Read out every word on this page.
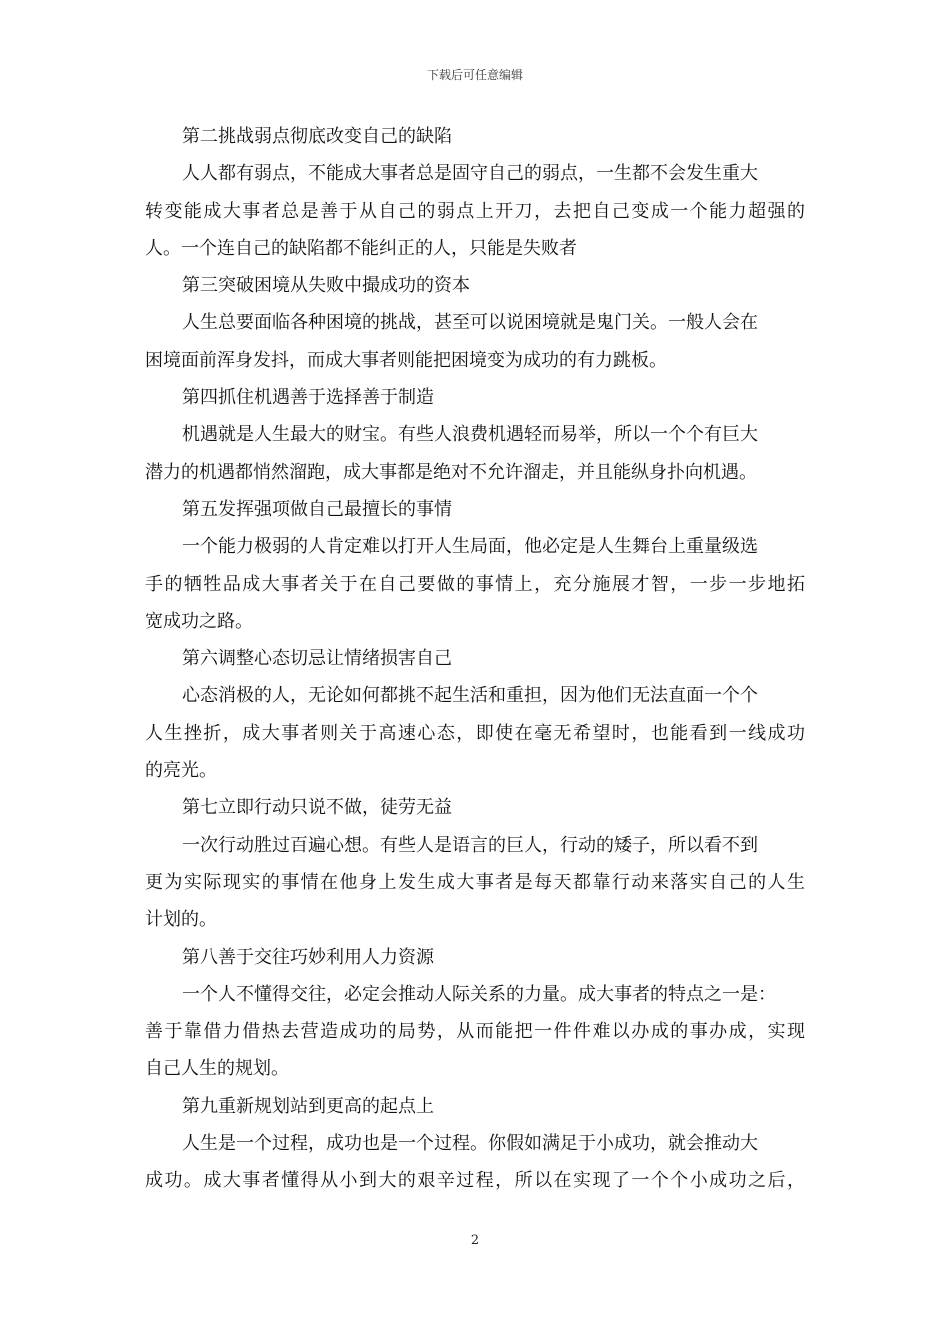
下载后可任意编辑
第二挑战弱点彻底改变自己的缺陷
人人都有弱点，不能成大事者总是固守自己的弱点，一生都不会发生重大
转变能成大事者总是善于从自己的弱点上开刀，去把自己变成一个能力超强的
人。一个连自己的缺陷都不能纠正的人，只能是失败者
第三突破困境从失败中撮成功的资本
人生总要面临各种困境的挑战，甚至可以说困境就是鬼门关。一般人会在
困境面前浑身发抖，而成大事者则能把困境变为成功的有力跳板。
第四抓住机遇善于选择善于制造
机遇就是人生最大的财宝。有些人浪费机遇轻而易举，所以一个个有巨大
潜力的机遇都悄然溜跑，成大事都是绝对不允许溜走，并且能纵身扑向机遇。
第五发挥强项做自己最擅长的事情
一个能力极弱的人肯定难以打开人生局面，他必定是人生舞台上重量级选
手的牺牲品成大事者关于在自己要做的事情上，充分施展才智，一步一步地拓
宽成功之路。
第六调整心态切忌让情绪损害自己
心态消极的人，无论如何都挑不起生活和重担，因为他们无法直面一个个
人生挫折，成大事者则关于高速心态，即使在毫无希望时，也能看到一线成功
的亮光。
第七立即行动只说不做，徒劳无益
一次行动胜过百遍心想。有些人是语言的巨人，行动的矮子，所以看不到
更为实际现实的事情在他身上发生成大事者是每天都靠行动来落实自己的人生
计划的。
第八善于交往巧妙利用人力资源
一个人不懂得交往，必定会推动人际关系的力量。成大事者的特点之一是：
善于靠借力借热去营造成功的局势，从而能把一件件难以办成的事办成，实现
自己人生的规划。
第九重新规划站到更高的起点上
人生是一个过程，成功也是一个过程。你假如满足于小成功，就会推动大
成功。成大事者懂得从小到大的艰辛过程，所以在实现了一个个小成功之后，
2
